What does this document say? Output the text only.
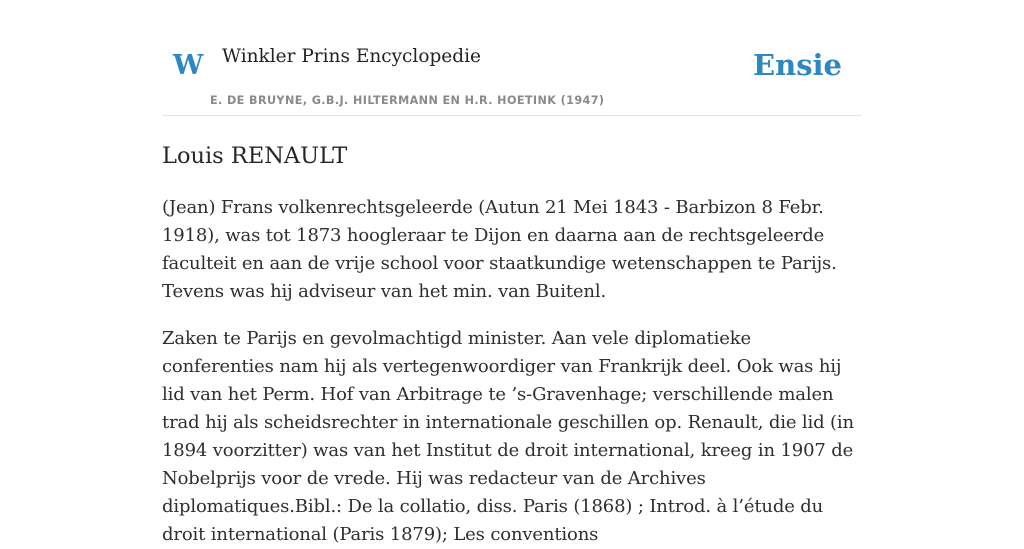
W Winkler Prins Encyclopedie
E. DE BRUYNE, G.B.J. HILTERMANN EN H.R. HOETINK (1947)
Ensie
Louis RENAULT

(Jean) Frans volkenrechtsgeleerde (Autun 21 Mei 1843 - Barbizon 8 Febr. 1918), was tot 1873 hoogleraar te Dijon en daarna aan de rechtsgeleerde faculteit en aan de vrije school voor staatkundige wetenschappen te Parijs. Tevens was hij adviseur van het min. van Buitenl.

Zaken te Parijs en gevolmachtigd minister. Aan vele diplomatieke conferenties nam hij als vertegenwoordiger van Frankrijk deel. Ook was hij lid van het Perm. Hof van Arbitrage te ’s-Gravenhage; verschillende malen trad hij als scheidsrechter in internationale geschillen op. Renault, die lid (in 1894 voorzitter) was van het Institut de droit international, kreeg in 1907 de Nobelprijs voor de vrede. Hij was redacteur van de Archives diplomatiques.Bibl.: De la collatio, diss. Paris (1868) ; Introd. à l’étude du droit international (Paris 1879); Les conventions
